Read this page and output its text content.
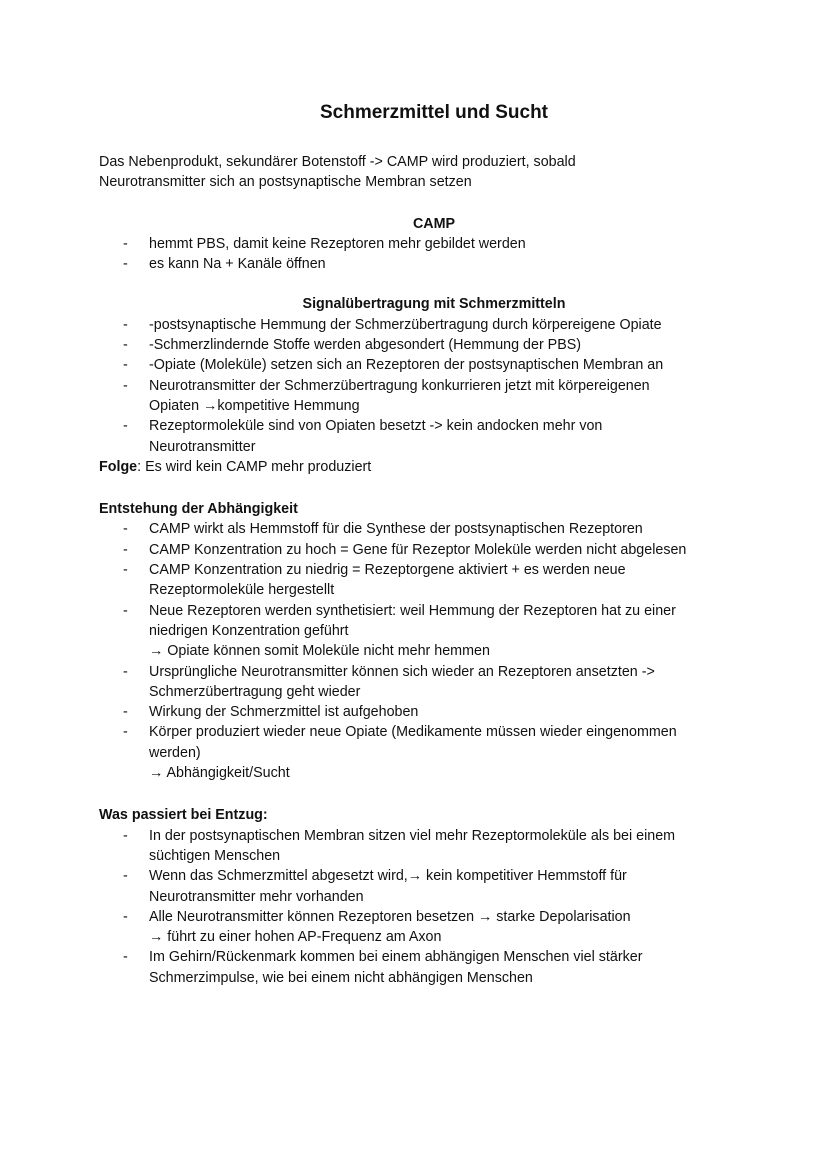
Schmerzmittel und Sucht

Das Nebenprodukt, sekundärer Botenstoff -> CAMP wird produziert, sobald
Neurotransmitter sich an postsynaptische Membran setzen

CAMP

- hemmt PBS, damit keine Rezeptoren mehr gebildet werden
- es kann Na + Kanäle öffnen

Signalübertragung mit Schmerzmitteln

- -postsynaptische Hemmung der Schmerzübertragung durch körpereigene Opiate
- -Schmerzlindernde Stoffe werden abgesondert (Hemmung der PBS)
- -Opiate (Moleküle) setzen sich an Rezeptoren der postsynaptischen Membran an
- Neurotransmitter der Schmerzübertragung konkurrieren jetzt mit körpereigenen
Opiaten →kompetitive Hemmung
- Rezeptormoleküle sind von Opiaten besetzt -> kein andocken mehr von
Neurotransmitter

Folge: Es wird kein CAMP mehr produziert

Entstehung der Abhängigkeit

- CAMP wirkt als Hemmstoff für die Synthese der postsynaptischen Rezeptoren
- CAMP Konzentration zu hoch = Gene für Rezeptor Moleküle werden nicht abgelesen
- CAMP Konzentration zu niedrig = Rezeptorgene aktiviert + es werden neue
Rezeptormoleküle hergestellt
- Neue Rezeptoren werden synthetisiert: weil Hemmung der Rezeptoren hat zu einer
niedrigen Konzentration geführt
→ Opiate können somit Moleküle nicht mehr hemmen
- Ursprüngliche Neurotransmitter können sich wieder an Rezeptoren ansetzten ->
Schmerzübertragung geht wieder
- Wirkung der Schmerzmittel ist aufgehoben
- Körper produziert wieder neue Opiate (Medikamente müssen wieder eingenommen
werden)
→ Abhängigkeit/Sucht

Was passiert bei Entzug:

- In der postsynaptischen Membran sitzen viel mehr Rezeptormoleküle als bei einem
süchtigen Menschen
- Wenn das Schmerzmittel abgesetzt wird,→ kein kompetitiver Hemmstoff für
Neurotransmitter mehr vorhanden
- Alle Neurotransmitter können Rezeptoren besetzen → starke Depolarisation
→ führt zu einer hohen AP-Frequenz am Axon
- Im Gehirn/Rückenmark kommen bei einem abhängigen Menschen viel stärker
Schmerzimpulse, wie bei einem nicht abhängigen Menschen
